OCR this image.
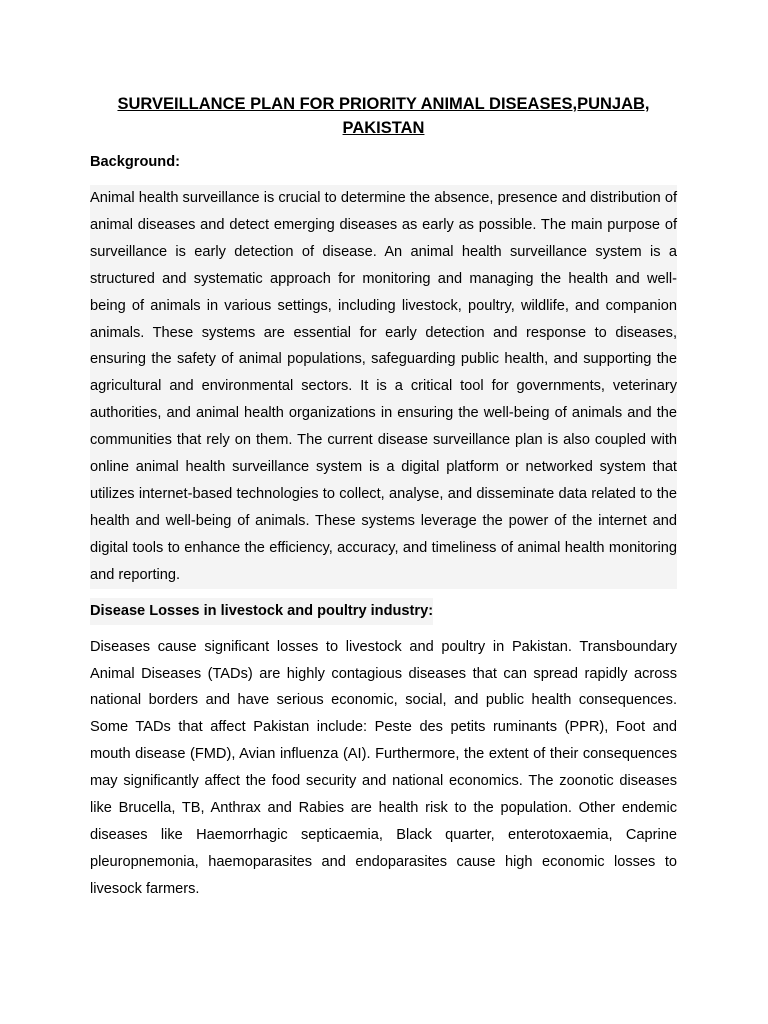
SURVEILLANCE PLAN FOR PRIORITY ANIMAL DISEASES,PUNJAB,
PAKISTAN
Background:

Animal health surveillance is crucial to determine the absence, presence and distribution of animal diseases and detect emerging diseases as early as possible. The main purpose of surveillance is early detection of disease. An animal health surveillance system is a structured and systematic approach for monitoring and managing the health and well-being of animals in various settings, including livestock, poultry, wildlife, and companion animals. These systems are essential for early detection and response to diseases, ensuring the safety of animal populations, safeguarding public health, and supporting the agricultural and environmental sectors. It is a critical tool for governments, veterinary authorities, and animal health organizations in ensuring the well-being of animals and the communities that rely on them. The current disease surveillance plan is also coupled with online animal health surveillance system is a digital platform or networked system that utilizes internet-based technologies to collect, analyse, and disseminate data related to the health and well-being of animals. These systems leverage the power of the internet and digital tools to enhance the efficiency, accuracy, and timeliness of animal health monitoring and reporting.

Disease Losses in livestock and poultry industry:

Diseases cause significant losses to livestock and poultry in Pakistan. Transboundary Animal Diseases (TADs) are highly contagious diseases that can spread rapidly across national borders and have serious economic, social, and public health consequences. Some TADs that affect Pakistan include: Peste des petits ruminants (PPR), Foot and mouth disease (FMD), Avian influenza (AI). Furthermore, the extent of their consequences may significantly affect the food security and national economics. The zoonotic diseases like Brucella, TB, Anthrax and Rabies are health risk to the population. Other endemic diseases like Haemorrhagic septicaemia, Black quarter, enterotoxaemia, Caprine pleuropnemonia, haemoparasites and endoparasites cause high economic losses to livesock farmers.
